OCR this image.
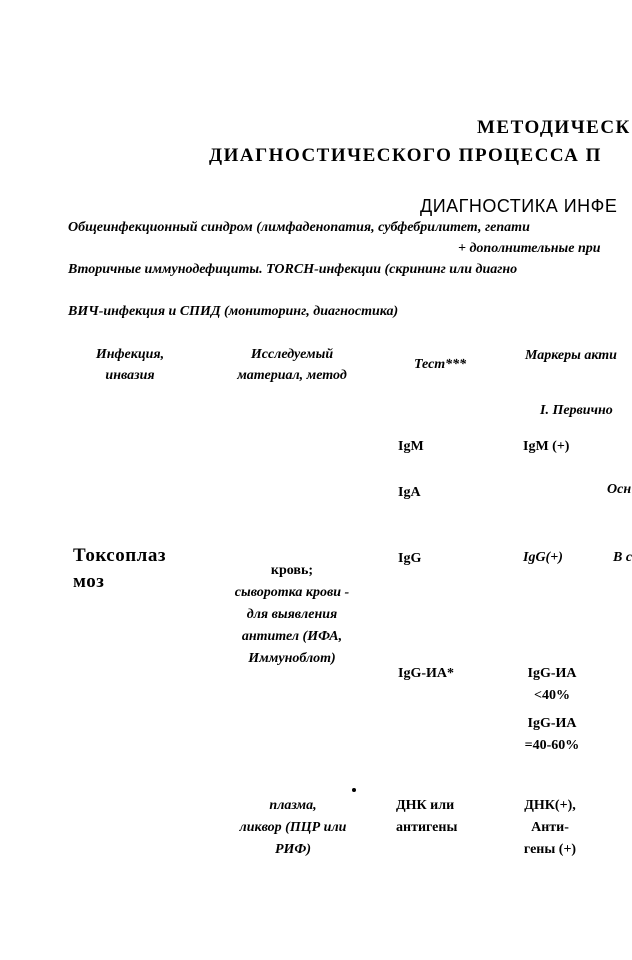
МЕТОДИЧЕСК
ДИАГНОСТИЧЕСКОГО ПРОЦЕССА П
ДИАГНОСТИКА ИНФЕ
Общеинфекционный синдром (лимфаденопатия, субфебрилитет, гепати
+ дополнительные при
Вторичные иммунодефициты. TORCH-инфекции (скрининг или диагно
ВИЧ-инфекция и СПИД (мониторинг, диагностика)
Инфекция,
инвазия
Исследуемый
материал, метод
Тест***
Маркеры акти
I. Первично
Токсоплаз
моз
кровь;
сыворотка крови -
для выявления
антител (ИФА,
Иммуноблот)
плазма,
ликвор (ПЦР или
РИФ)
IgM
IgA
IgG
IgG-ИА*
ДНК или
антигены
IgM (+)
Осн
IgG(+)	В с
IgG-ИА
<40%
IgG-ИА
=40-60%
ДНК(+),
Анти-
гены (+)
